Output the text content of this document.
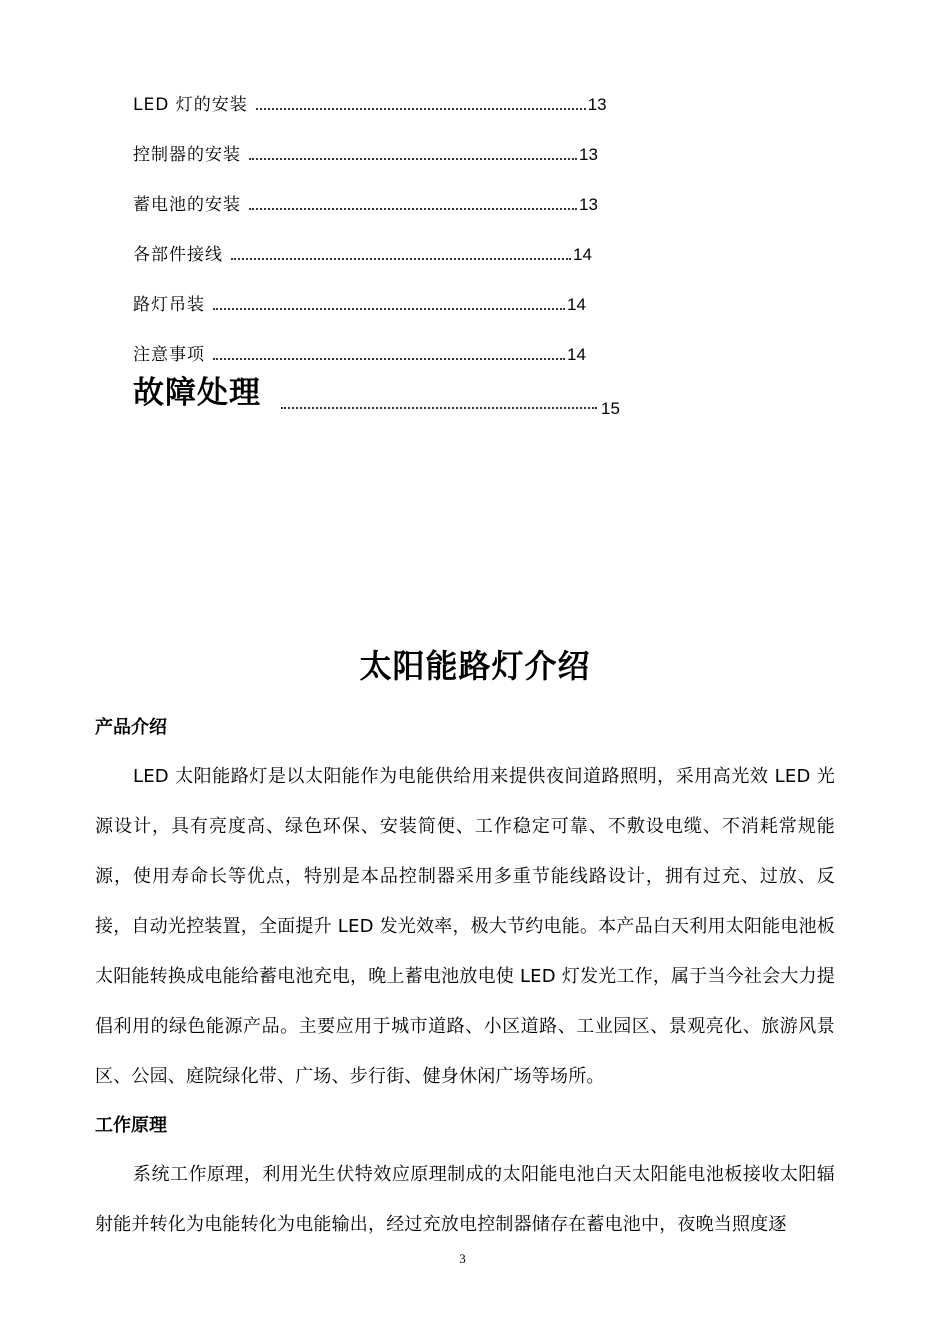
LED 灯的安装	13
控制器的安装	13
蓄电池的安装	13
各部件接线	14
路灯吊装	14
注意事项	14
故障处理	15
太阳能路灯介绍
产品介绍
LED 太阳能路灯是以太阳能作为电能供给用来提供夜间道路照明，采用高光效 LED 光源设计，具有亮度高、绿色环保、安装简便、工作稳定可靠、不敷设电缆、不消耗常规能源，使用寿命长等优点，特别是本品控制器采用多重节能线路设计，拥有过充、过放、反接，自动光控装置，全面提升 LED 发光效率，极大节约电能。本产品白天利用太阳能电池板太阳能转换成电能给蓄电池充电，晚上蓄电池放电使 LED 灯发光工作，属于当今社会大力提倡利用的绿色能源产品。主要应用于城市道路、小区道路、工业园区、景观亮化、旅游风景区、公园、庭院绿化带、广场、步行街、健身休闲广场等场所。
工作原理
系统工作原理，利用光生伏特效应原理制成的太阳能电池白天太阳能电池板接收太阳辐射能并转化为电能转化为电能输出，经过充放电控制器储存在蓄电池中，夜晚当照度逐
3
